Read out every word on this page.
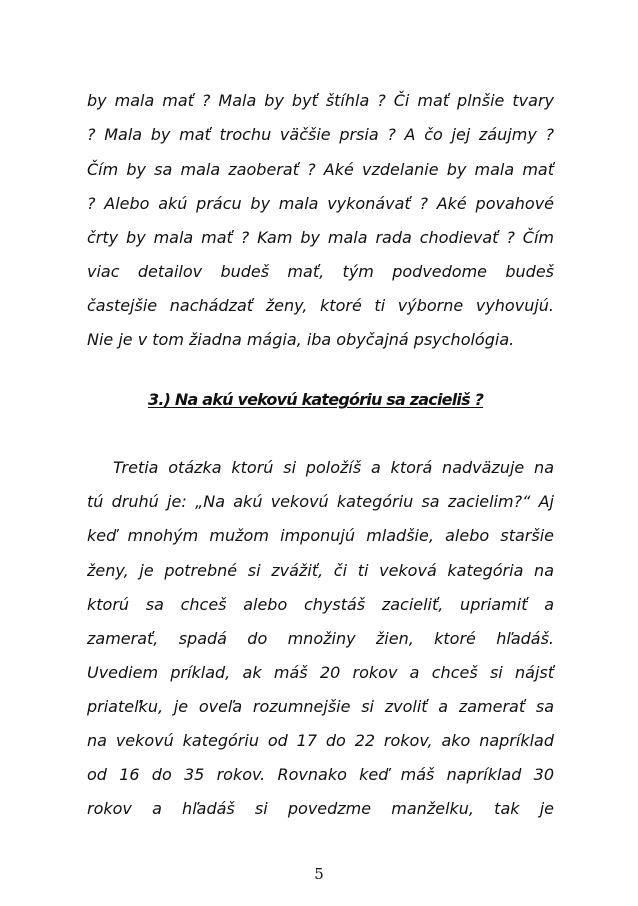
by mala mať ? Mala by byť štíhla ? Či mať plnšie tvary
? Mala by mať trochu väčšie prsia ? A čo jej záujmy ?
Čím by sa mala zaoberať ? Aké vzdelanie by mala mať
? Alebo akú prácu by mala vykonávať ? Aké povahové
črty by mala mať ? Kam by mala rada chodievať ? Čím
viac detailov budeš mať, tým podvedome budeš
častejšie nachádzať ženy, ktoré ti výborne vyhovujú.
Nie je v tom žiadna mágia, iba obyčajná psychológia.
3.) Na akú vekovú kategóriu sa zacieliš ?
Tretia otázka ktorú si položíš a ktorá nadväzuje na
tú druhú je: „Na akú vekovú kategóriu sa zacielim?“ Aj
keď mnohým mužom imponujú mladšie, alebo staršie
ženy, je potrebné si zvážiť, či ti veková kategória na
ktorú sa chceš alebo chystáš zacieliť, upriamiť a
zamerať, spadá do množiny žien, ktoré hľadáš.
Uvediem príklad, ak máš 20 rokov a chceš si nájsť
priateľku, je oveľa rozumnejšie si zvoliť a zamerať sa
na vekovú kategóriu od 17 do 22 rokov, ako napríklad
od 16 do 35 rokov. Rovnako keď máš napríklad 30
rokov a hľadáš si povedzme manželku, tak je
5
